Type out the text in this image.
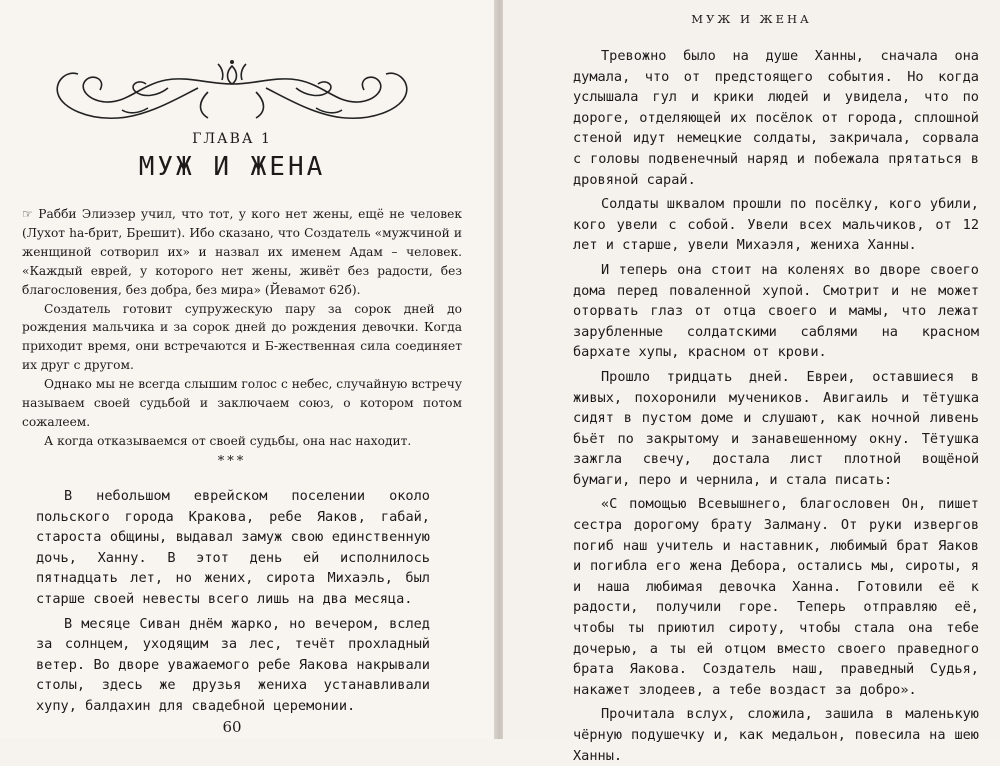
ГЛАВА 1
МУЖ И ЖЕНА

☞ Рабби Элиэзер учил, что тот, у кого нет жены, ещё не человек (Лухот hа-брит, Брешит). Ибо сказано, что Создатель «мужчиной и женщиной сотворил их» и назвал их именем Адам – человек. «Каждый еврей, у которого нет жены, живёт без радости, без благословения, без добра, без мира» (Йевамот 62б).

Создатель готовит супружескую пару за сорок дней до рождения мальчика и за сорок дней до рождения девочки. Когда приходит время, они встречаются и Б-жественная сила соединяет их друг с другом.

Однако мы не всегда слышим голос с небес, случайную встречу называем своей судьбой и заключаем союз, о котором потом сожалеем.

А когда отказываемся от своей судьбы, она нас находит.

***

В небольшом еврейском поселении около польского города Кракова, ребе Яаков, габай, староста общины, выдавал замуж свою единственную дочь, Ханну. В этот день ей исполнилось пятнадцать лет, но жених, сирота Михаэль, был старше своей невесты всего лишь на два месяца.

В месяце Сиван днём жарко, но вечером, вслед за солнцем, уходящим за лес, течёт прохладный ветер. Во дворе уважаемого ребе Яакова накрывали столы, здесь же друзья жениха устанавливали хупу, балдахин для свадебной церемонии.

60
МУЖ И ЖЕНА

Тревожно было на душе Ханны, сначала она думала, что от предстоящего события. Но когда услышала гул и крики людей и увидела, что по дороге, отделяющей их посёлок от города, сплошной стеной идут немецкие солдаты, закричала, сорвала с головы подвенечный наряд и побежала прятаться в дровяной сарай.

Солдаты шквалом прошли по посёлку, кого убили, кого увели с собой. Увели всех мальчиков, от 12 лет и старше, увели Михаэля, жениха Ханны.

И теперь она стоит на коленях во дворе своего дома перед поваленной хупой. Смотрит и не может оторвать глаз от отца своего и мамы, что лежат зарубленные солдатскими саблями на красном бархате хупы, красном от крови.

Прошло тридцать дней. Евреи, оставшиеся в живых, похоронили мучеников. Авигаиль и тётушка сидят в пустом доме и слушают, как ночной ливень бьёт по закрытому и занавешенному окну. Тётушка зажгла свечу, достала лист плотной вощёной бумаги, перо и чернила, и стала писать:

«С помощью Всевышнего, благословен Он, пишет сестра дорогому брату Залману. От руки извергов погиб наш учитель и наставник, любимый брат Яаков и погибла его жена Дебора, остались мы, сироты, я и наша любимая девочка Ханна. Готовили её к радости, получили горе. Теперь отправляю её, чтобы ты приютил сироту, чтобы стала она тебе дочерью, а ты ей отцом вместо своего праведного брата Яакова. Создатель наш, праведный Судья, накажет злодеев, а тебе воздаст за добро».

Прочитала вслух, сложила, зашила в маленькую чёрную подушечку и, как медальон, повесила на шею Ханны.
